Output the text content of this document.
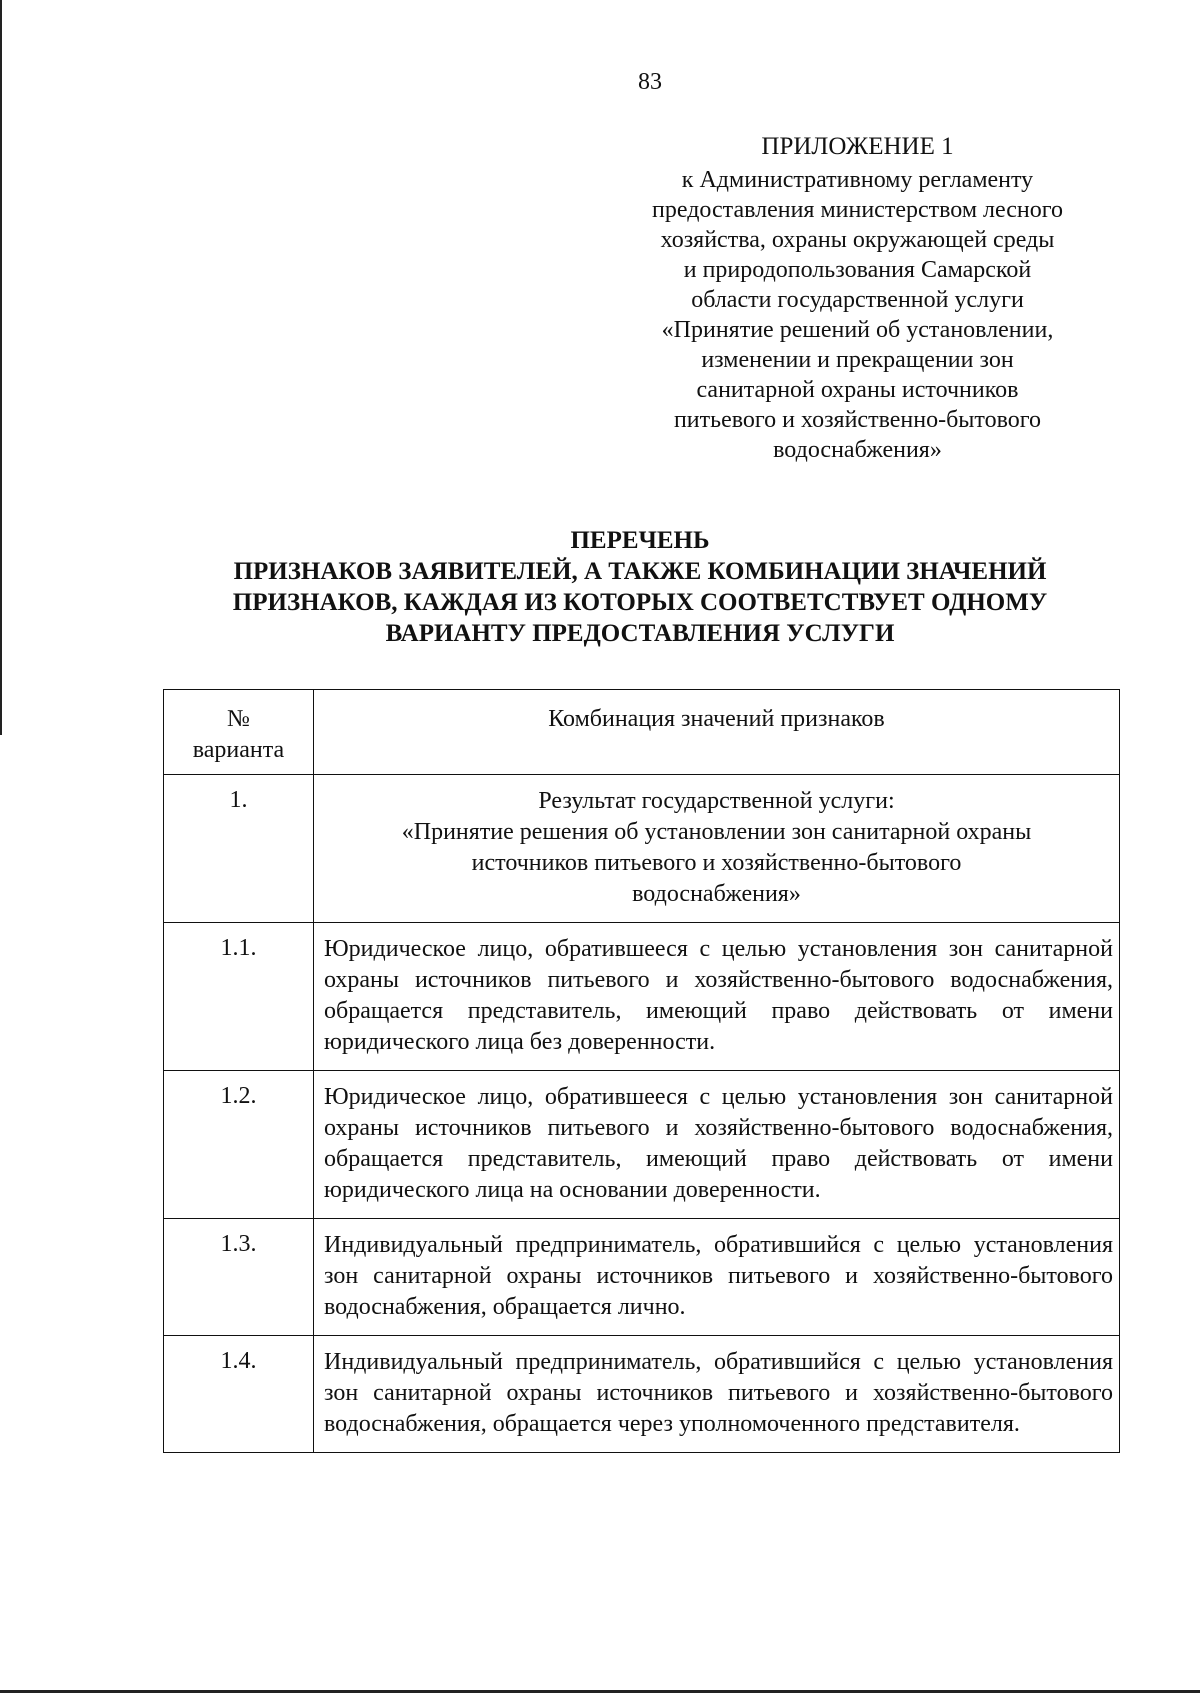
83
ПРИЛОЖЕНИЕ 1
к Административному регламенту
предоставления министерством лесного
хозяйства, охраны окружающей среды
и природопользования Самарской
области государственной услуги
«Принятие решений об установлении,
изменении и прекращении зон
санитарной охраны источников
питьевого и хозяйственно-бытового
водоснабжения»
ПЕРЕЧЕНЬ
ПРИЗНАКОВ ЗАЯВИТЕЛЕЙ, А ТАКЖЕ КОМБИНАЦИИ ЗНАЧЕНИЙ
ПРИЗНАКОВ, КАЖДАЯ ИЗ КОТОРЫХ СООТВЕТСТВУЕТ ОДНОМУ
ВАРИАНТУ ПРЕДОСТАВЛЕНИЯ УСЛУГИ
№
варианта	Комбинация значений признаков
1.	Результат государственной услуги:
«Принятие решения об установлении зон санитарной охраны
источников питьевого и хозяйственно-бытового
водоснабжения»

1.1.	Юридическое лицо, обратившееся с целью установления зон санитарной охраны источников питьевого и хозяйственно-бытового водоснабжения, обращается представитель, имеющий право действовать от имени юридического лица без доверенности.
1.2.	Юридическое лицо, обратившееся с целью установления зон санитарной охраны источников питьевого и хозяйственно-бытового водоснабжения, обращается представитель, имеющий право действовать от имени юридического лица на основании доверенности.
1.3.	Индивидуальный предприниматель, обратившийся с целью установления зон санитарной охраны источников питьевого и хозяйственно-бытового водоснабжения, обращается лично.
1.4.	Индивидуальный предприниматель, обратившийся с целью установления зон санитарной охраны источников питьевого и хозяйственно-бытового водоснабжения, обращается через уполномоченного представителя.
